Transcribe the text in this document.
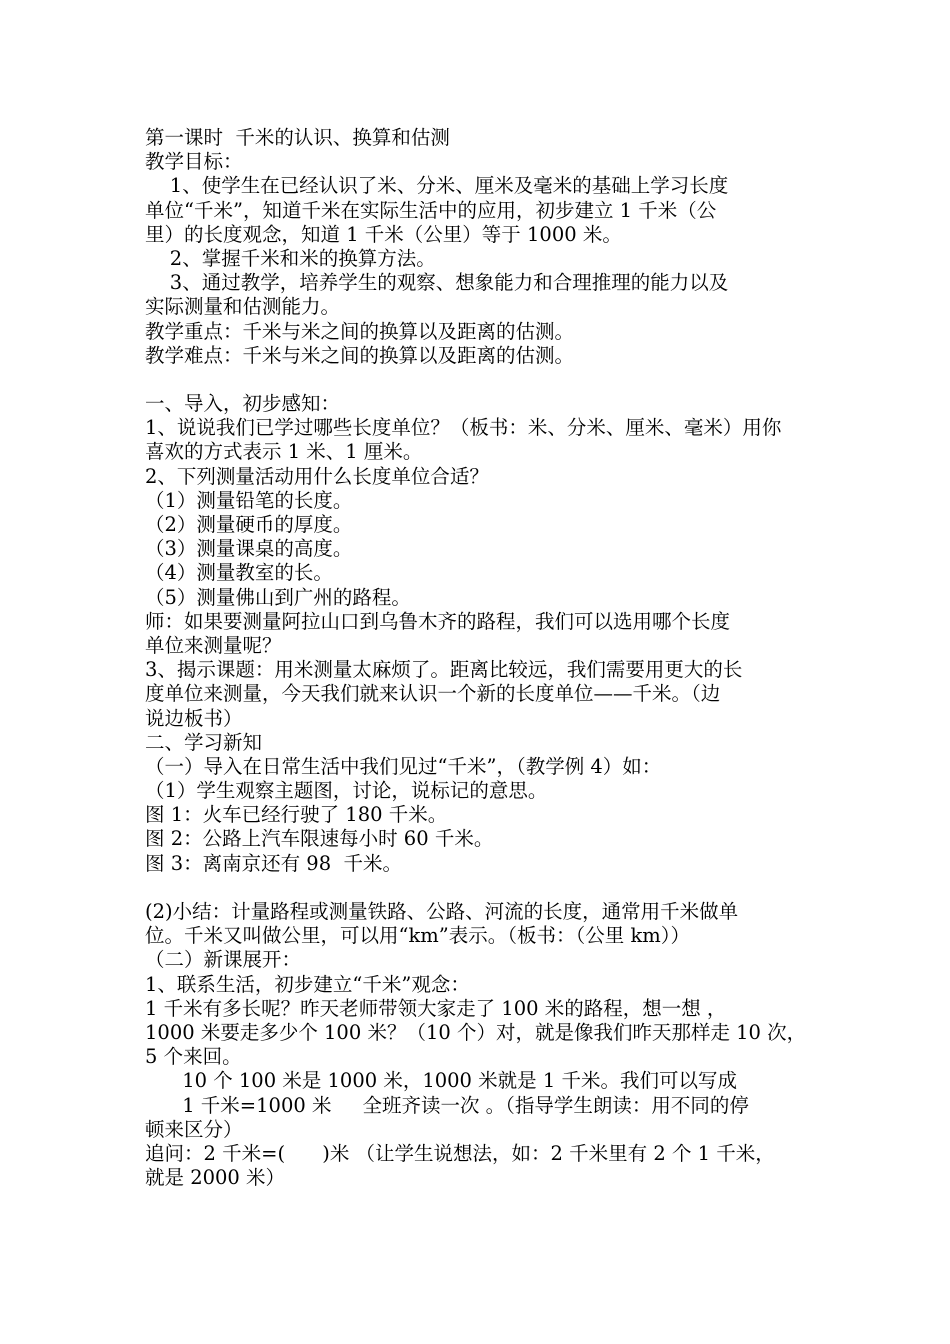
第一课时  千米的认识、换算和估测
教学目标：
1、使学生在已经认识了米、分米、厘米及毫米的基础上学习长度
单位“千米”，知道千米在实际生活中的应用，初步建立 1 千米（公
里）的长度观念，知道 1 千米（公里）等于 1000 米。
2、掌握千米和米的换算方法。
3、通过教学，培养学生的观察、想象能力和合理推理的能力以及
实际测量和估测能力。
教学重点：千米与米之间的换算以及距离的估测。
教学难点：千米与米之间的换算以及距离的估测。
一、导入，初步感知：
1、说说我们已学过哪些长度单位？（板书：米、分米、厘米、毫米）用你
喜欢的方式表示 1 米、1 厘米。
2、下列测量活动用什么长度单位合适？
（1）测量铅笔的长度。
（2）测量硬币的厚度。
（3）测量课桌的高度。
（4）测量教室的长。
（5）测量佛山到广州的路程。
师：如果要测量阿拉山口到乌鲁木齐的路程，我们可以选用哪个长度
单位来测量呢？
3、揭示课题：用米测量太麻烦了。距离比较远，我们需要用更大的长
度单位来测量，今天我们就来认识一个新的长度单位——千米。（边
说边板书）
二、学习新知
（一）导入在日常生活中我们见过“千米”，（教学例 4）如：
（1）学生观察主题图，讨论，说标记的意思。
图 1：火车已经行驶了 180 千米。
图 2：公路上汽车限速每小时 60 千米。
图 3：离南京还有 98  千米。
(2)小结：计量路程或测量铁路、公路、河流的长度，通常用千米做单
位。千米又叫做公里，可以用“km”表示。（板书：（公里 km））
（二）新课展开：
1、联系生活，初步建立“千米”观念：
1 千米有多长呢？昨天老师带领大家走了 100 米的路程，想一想 ，
1000 米要走多少个 100 米？（10 个）对，就是像我们昨天那样走 10 次，
5 个来回。
10 个 100 米是 1000 米，1000 米就是 1 千米。我们可以写成
1 千米=1000 米     全班齐读一次 。（指导学生朗读：用不同的停
顿来区分）
追问：2 千米=(      )米 （让学生说想法，如：2 千米里有 2 个 1 千米，
就是 2000 米）
